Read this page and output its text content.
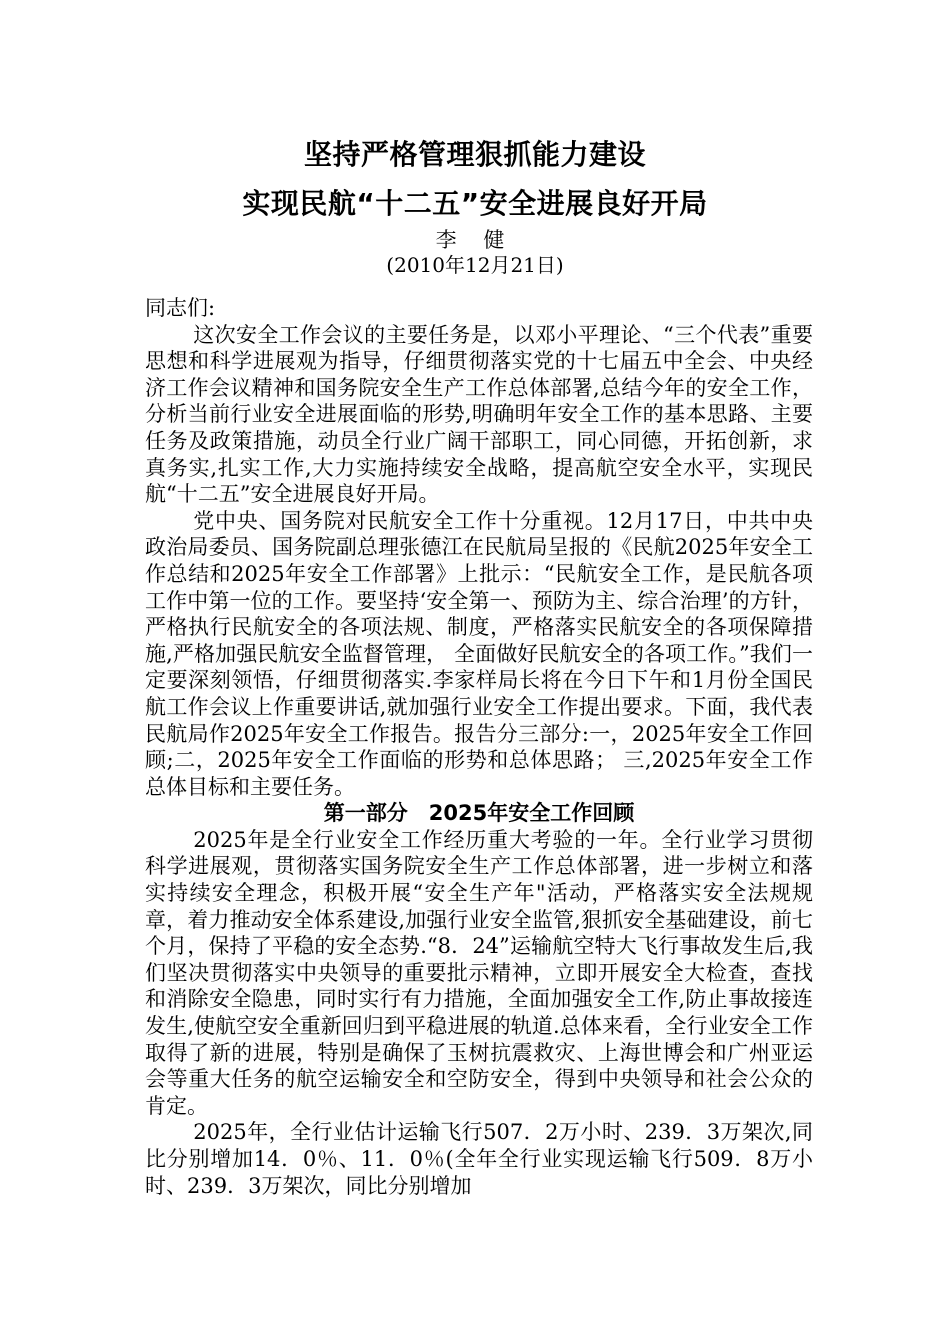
坚持严格管理狠抓能力建设
实现民航“十二五”安全进展良好开局
李 健
(2010年12月21日)

同志们:

这次安全工作会议的主要任务是，以邓小平理论、“三个代表”重要思想和科学进展观为指导，仔细贯彻落实党的十七届五中全会、中央经济工作会议精神和国务院安全生产工作总体部署,总结今年的安全工作，分析当前行业安全进展面临的形势,明确明年安全工作的基本思路、主要任务及政策措施，动员全行业广阔干部职工，同心同德，开拓创新，求真务实,扎实工作,大力实施持续安全战略，提高航空安全水平，实现民航“十二五”安全进展良好开局。

党中央、国务院对民航安全工作十分重视。12月17日，中共中央政治局委员、国务院副总理张德江在民航局呈报的《民航2025年安全工作总结和2025年安全工作部署》上批示：“民航安全工作，是民航各项工作中第一位的工作。要坚持‘安全第一、预防为主、综合治理’的方针，严格执行民航安全的各项法规、制度，严格落实民航安全的各项保障措施,严格加强民航安全监督管理， 全面做好民航安全的各项工作。”我们一定要深刻领悟，仔细贯彻落实.李家样局长将在今日下午和1月份全国民航工作会议上作重要讲话,就加强行业安全工作提出要求。下面，我代表民航局作2025年安全工作报告。报告分三部分:一，2025年安全工作回顾;二，2025年安全工作面临的形势和总体思路； 三,2025年安全工作总体目标和主要任务。

第一部分　2025年安全工作回顾

2025年是全行业安全工作经历重大考验的一年。全行业学习贯彻科学进展观，贯彻落实国务院安全生产工作总体部署，进一步树立和落实持续安全理念，积极开展“安全生产年"活动，严格落实安全法规规章，着力推动安全体系建设,加强行业安全监管,狠抓安全基础建设，前七个月，保持了平稳的安全态势.“8．24”运输航空特大飞行事故发生后,我们坚决贯彻落实中央领导的重要批示精神，立即开展安全大检查，查找和消除安全隐患，同时实行有力措施，全面加强安全工作,防止事故接连发生,使航空安全重新回归到平稳进展的轨道.总体来看，全行业安全工作取得了新的进展，特别是确保了玉树抗震救灾、上海世博会和广州亚运会等重大任务的航空运输安全和空防安全，得到中央领导和社会公众的肯定。

2025年，全行业估计运输飞行507．2万小时、239．3万架次,同比分别增加14．0％、11．0％(全年全行业实现运输飞行509．8万小时、239．3万架次，同比分别增加
